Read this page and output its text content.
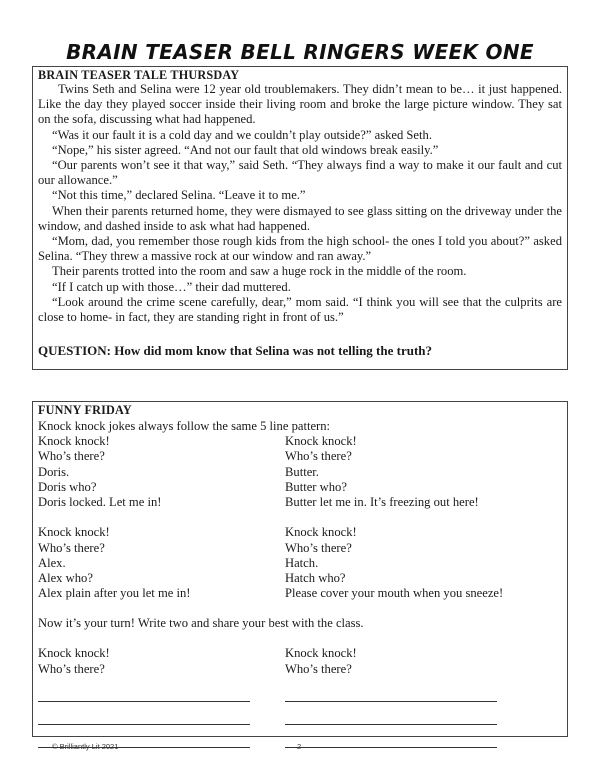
BRAIN TEASER BELL RINGERS WEEK ONE
BRAIN TEASER TALE THURSDAY

Twins Seth and Selina were 12 year old troublemakers. They didn’t mean to be… it just happened. Like the day they played soccer inside their living room and broke the large picture window. They sat on the sofa, discussing what had happened.

“Was it our fault it is a cold day and we couldn’t play outside?” asked Seth.

“Nope,” his sister agreed. “And not our fault that old windows break easily.”

“Our parents won’t see it that way,” said Seth. “They always find a way to make it our fault and cut our allowance.”

“Not this time,” declared Selina. “Leave it to me.”

When their parents returned home, they were dismayed to see glass sitting on the driveway under the window, and dashed inside to ask what had happened.

“Mom, dad, you remember those rough kids from the high school- the ones I told you about?” asked Selina. “They threw a massive rock at our window and ran away.”

Their parents trotted into the room and saw a huge rock in the middle of the room.

“If I catch up with those…” their dad muttered.

“Look around the crime scene carefully, dear,” mom said. “I think you will see that the culprits are close to home- in fact, they are standing right in front of us.”

QUESTION: How did mom know that Selina was not telling the truth?
FUNNY FRIDAY
Knock knock jokes always follow the same 5 line pattern:
Knock knock!
Who’s there?
Doris.
Doris who?
Doris locked. Let me in!
Knock knock!
Who’s there?
Butter.
Butter who?
Butter let me in. It’s freezing out here!
Knock knock!
Who’s there?
Alex.
Alex who?
Alex plain after you let me in!
Knock knock!
Who’s there?
Hatch.
Hatch who?
Please cover your mouth when you sneeze!
Now it’s your turn! Write two and share your best with the class.
Knock knock!
Who’s there?
Knock knock!
Who’s there?
© Brilliantly Lit 2021	2
